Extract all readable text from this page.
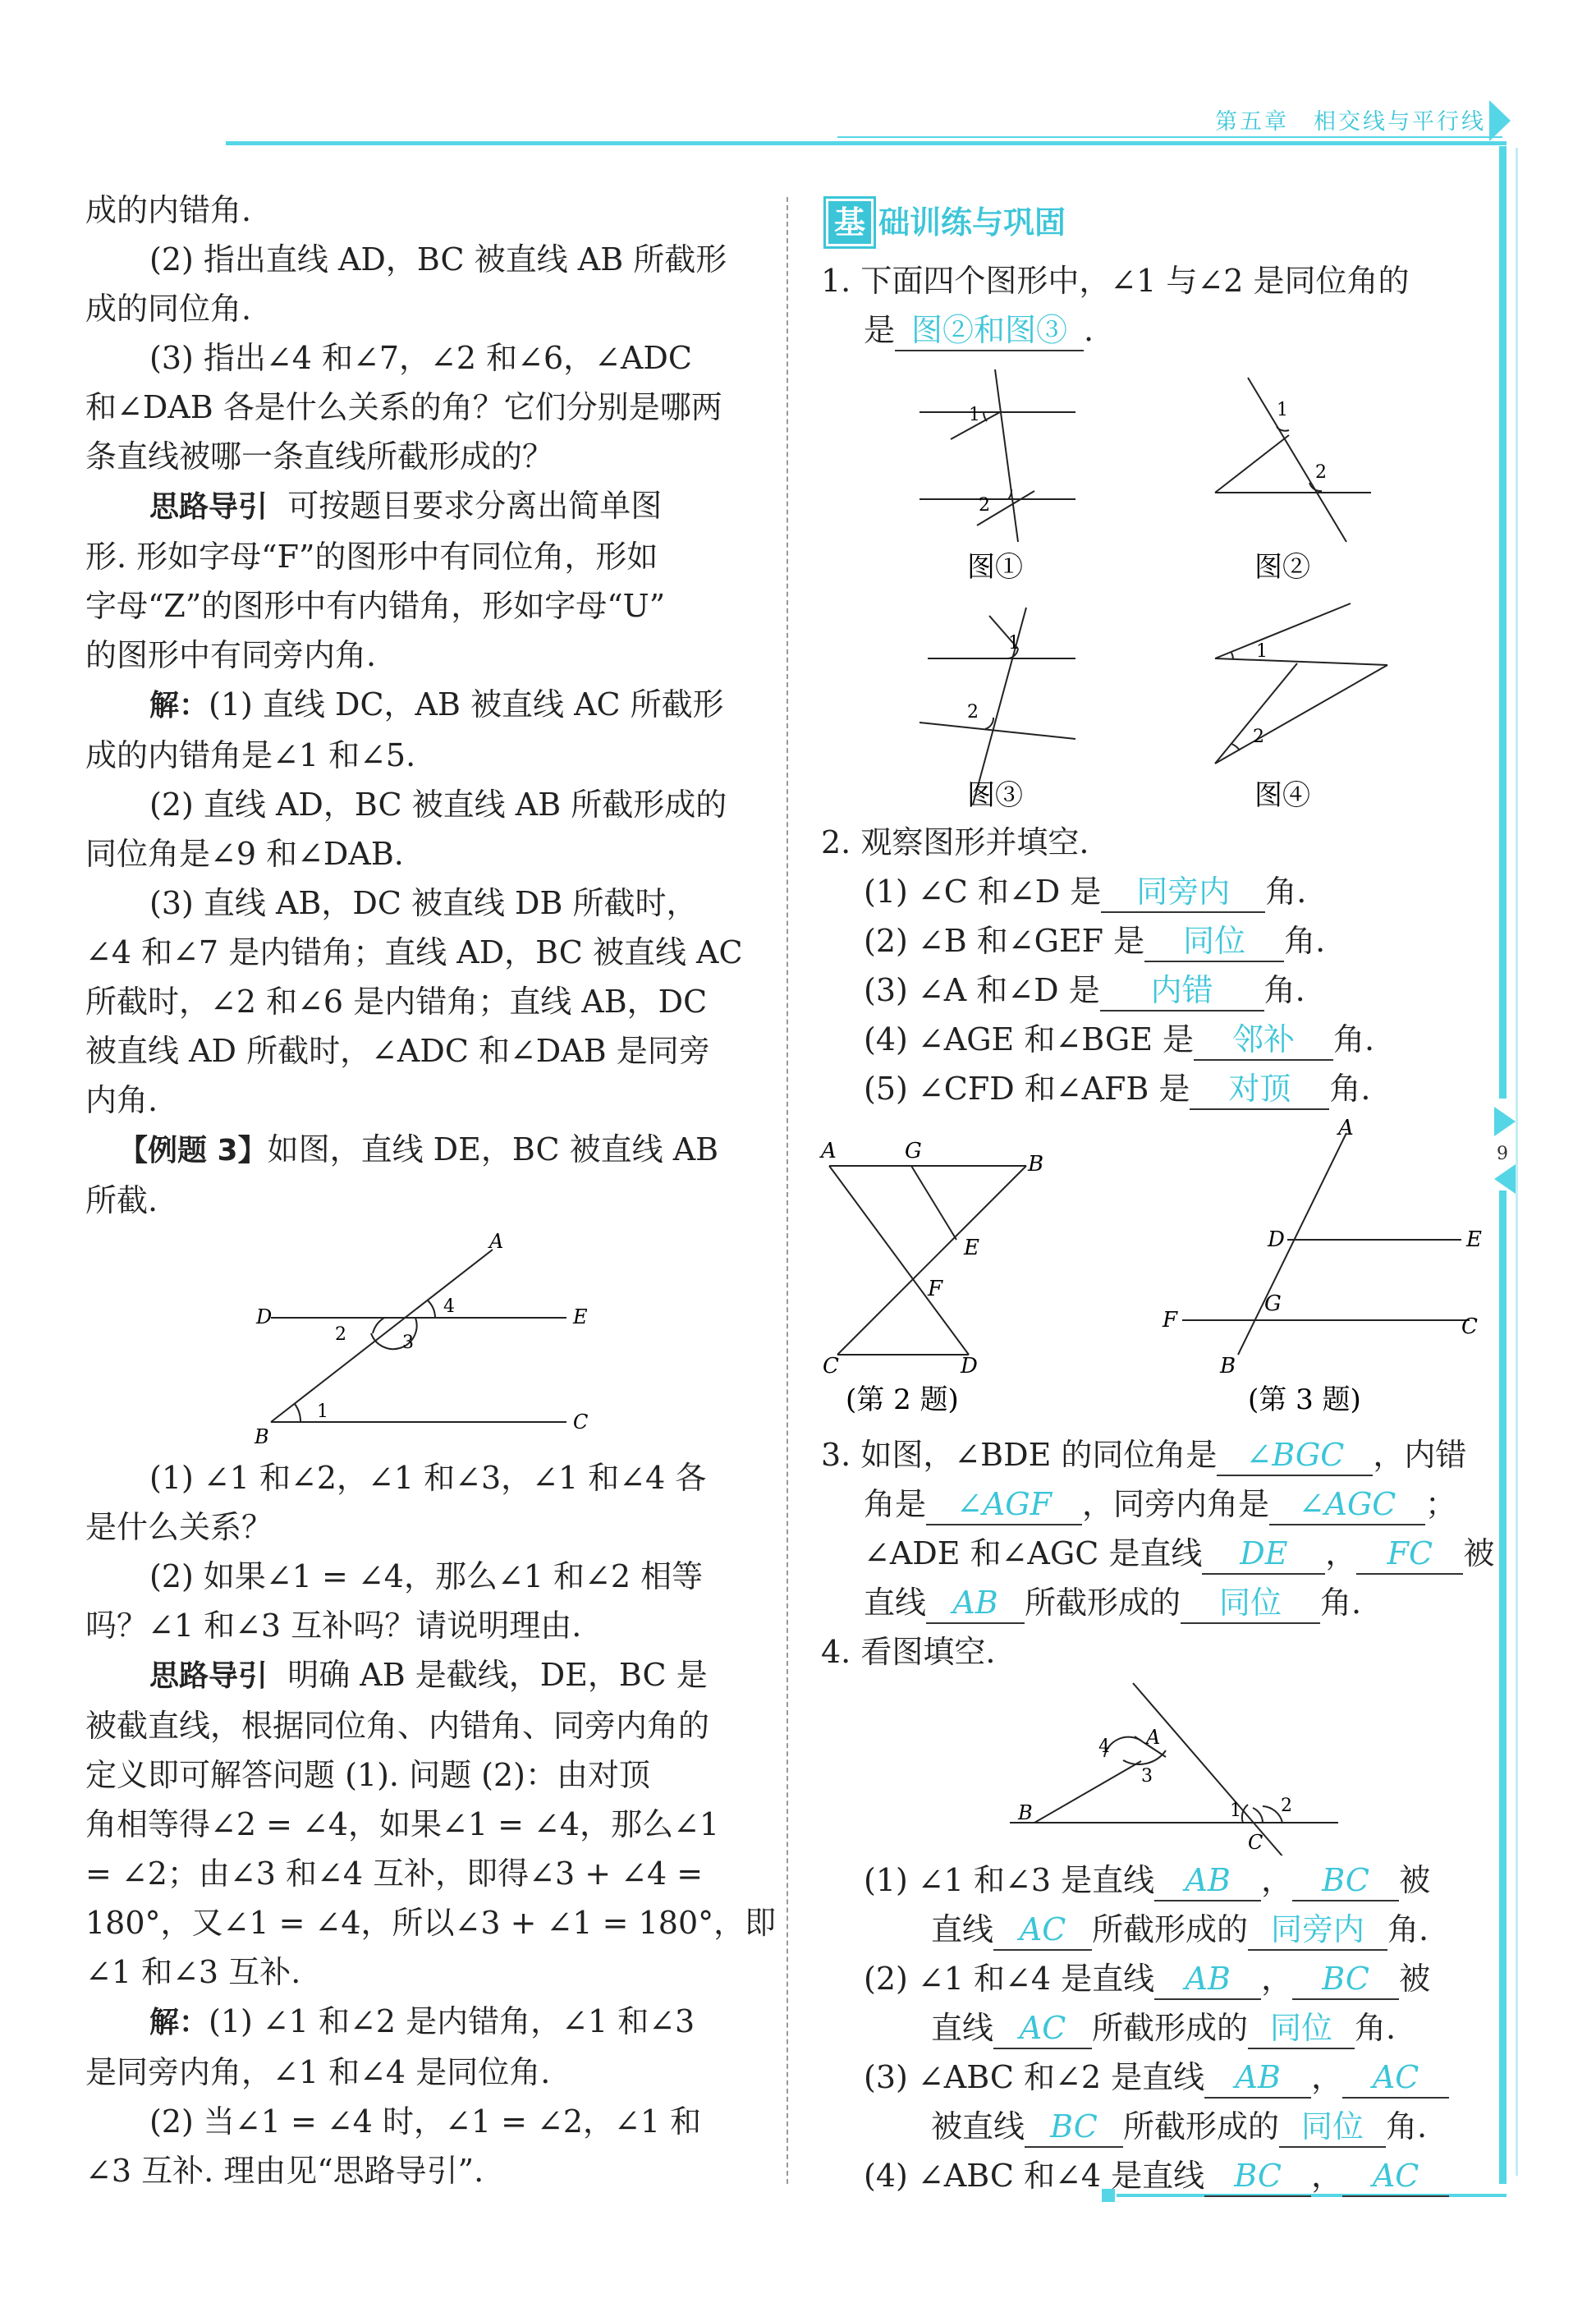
第五章　相交线与平行线
9

成的内错角.

(2) 指出直线 AD，BC 被直线 AB 所截形

成的同位角.

(3) 指出∠4 和∠7，∠2 和∠6，∠ADC

和∠DAB 各是什么关系的角？它们分别是哪两

条直线被哪一条直线所截形成的？

思路导引 可按题目要求分离出简单图

形. 形如字母“F”的图形中有同位角，形如

字母“Z”的图形中有内错角，形如字母“U”

的图形中有同旁内角.

解：(1) 直线 DC，AB 被直线 AC 所截形

成的内错角是∠1 和∠5.

(2) 直线 AD，BC 被直线 AB 所截形成的

同位角是∠9 和∠DAB.

(3) 直线 AB，DC 被直线 DB 所截时，

∠4 和∠7 是内错角；直线 AD，BC 被直线 AC

所截时，∠2 和∠6 是内错角；直线 AB，DC

被直线 AD 所截时，∠ADC 和∠DAB 是同旁

内角.

【例题 3】如图，直线 DE，BC 被直线 AB

所截.

A
D	E
B
C
1
2	3
4

(1) ∠1 和∠2，∠1 和∠3，∠1 和∠4 各

是什么关系？

(2) 如果∠1 = ∠4，那么∠1 和∠2 相等

吗？∠1 和∠3 互补吗？请说明理由.

思路导引 明确 AB 是截线，DE，BC 是

被截直线，根据同位角、内错角、同旁内角的

定义即可解答问题 (1). 问题 (2)：由对顶

角相等得∠2 = ∠4，如果∠1 = ∠4，那么∠1

= ∠2；由∠3 和∠4 互补，即得∠3 + ∠4 =

180°，又∠1 = ∠4，所以∠3 + ∠1 = 180°，即

∠1 和∠3 互补.

解：(1) ∠1 和∠2 是内错角，∠1 和∠3

是同旁内角，∠1 和∠4 是同位角.

(2) 当∠1 = ∠4 时，∠1 = ∠2，∠1 和

∠3 互补. 理由见“思路导引”.

基 础训练与巩固

1. 下面四个图形中，∠1 与∠2 是同位角的

是 图②和图③ .

1
2
图①
1
2
图②
1
2
图③
1
2
图④

2. 观察图形并填空.

(1) ∠C 和∠D 是 同旁内 角.

(2) ∠B 和∠GEF 是 同位 角.

(3) ∠A 和∠D 是 内错 角.

(4) ∠AGE 和∠BGE 是 邻补 角.

(5) ∠CFD 和∠AFB 是 对顶 角.

A	G
B
E
F
C	D
(第 2 题)
A
D	E
G
F	C
B
(第 3 题)

3. 如图，∠BDE 的同位角是 ∠BGC ，内错

角是 ∠AGF ，同旁内角是 ∠AGC ；

∠ADE 和∠AGC 是直线 DE ， FC 被

直线 AB 所截形成的 同位 角.

4. 看图填空.

A
B
C
1 2
3
4

(1) ∠1 和∠3 是直线 AB ， BC 被

直线 AC 所截形成的 同旁内 角.

(2) ∠1 和∠4 是直线 AB ， BC 被

直线 AC 所截形成的 同位 角.

(3) ∠ABC 和∠2 是直线 AB ， AC

被直线 BC 所截形成的 同位 角.

(4) ∠ABC 和∠4 是直线 BC ， AC
